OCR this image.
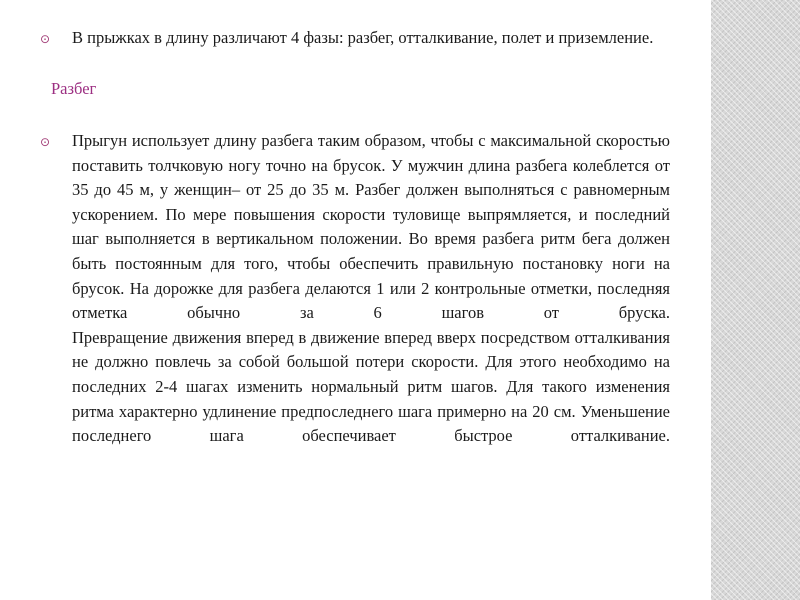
⊙	В прыжках в длину различают 4 фазы: разбег, отталкивание, полет и приземление.
Разбег
⊙	Прыгун использует длину разбега таким образом, чтобы с максимальной скоростью поставить толчковую ногу точно на брусок. У мужчин длина разбега колеблется от 35 до 45 м, у женщин– от 25 до 35 м. Разбег должен выполняться с равномерным ускорением. По мере повышения скорости туловище выпрямляется, и последний шаг выполняется в вертикальном положении. Во время разбега ритм бега должен быть постоянным для того, чтобы обеспечить правильную постановку ноги на брусок. На дорожке для разбега делаются 1 или 2 контрольные отметки, последняя отметка обычно за 6 шагов от бруска.
Превращение движения вперед в движение вперед вверх посредством отталкивания не должно повлечь за собой большой потери скорости. Для этого необходимо на последних 2-4 шагах изменить нормальный ритм шагов. Для такого изменения ритма характерно удлинение предпоследнего шага примерно на 20 см. Уменьшение последнего шага обеспечивает быстрое отталкивание.
